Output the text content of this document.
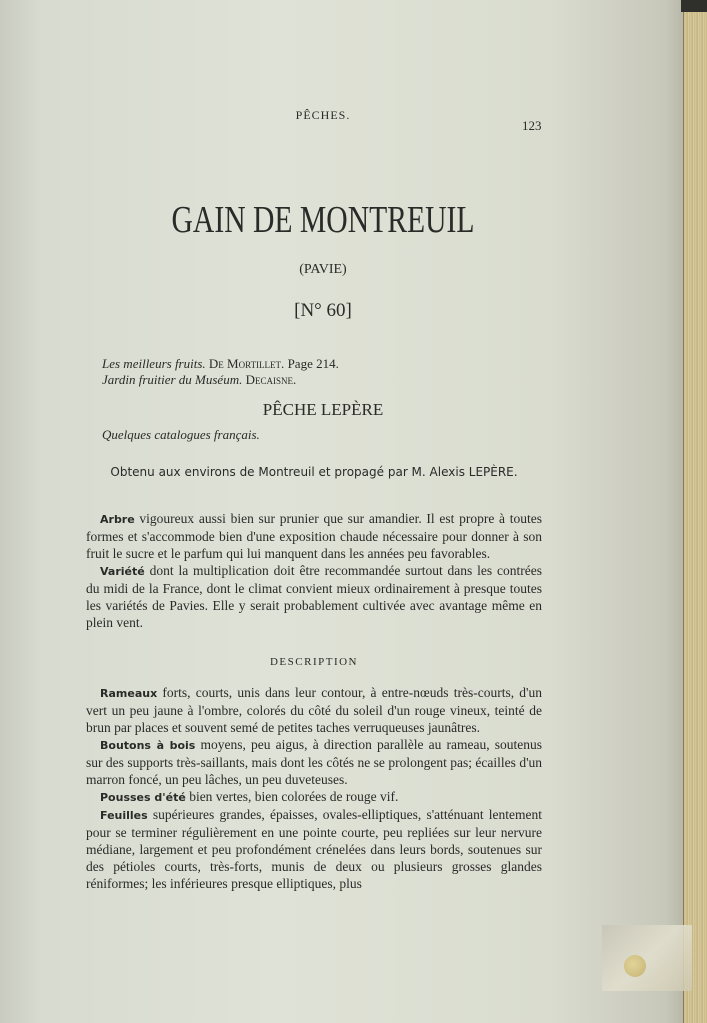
PÊCHES.
123
GAIN DE MONTREUIL
(PAVIE)
[N° 60]
Les meilleurs fruits. De Mortillet. Page 214.
Jardin fruitier du Muséum. Decaisne.
PÊCHE LEPÈRE
Quelques catalogues français.
Obtenu aux environs de Montreuil et propagé par M. Alexis LEPÈRE.

Arbre vigoureux aussi bien sur prunier que sur amandier. Il est propre à toutes formes et s'accommode bien d'une exposition chaude nécessaire pour donner à son fruit le sucre et le parfum qui lui manquent dans les années peu favorables.

Variété dont la multiplication doit être recommandée surtout dans les contrées du midi de la France, dont le climat convient mieux ordinairement à presque toutes les variétés de Pavies. Elle y serait probablement cultivée avec avantage même en plein vent.

DESCRIPTION

Rameaux forts, courts, unis dans leur contour, à entre-nœuds très-courts, d'un vert un peu jaune à l'ombre, colorés du côté du soleil d'un rouge vineux, teinté de brun par places et souvent semé de petites taches verruqueuses jaunâtres.

Boutons à bois moyens, peu aigus, à direction parallèle au rameau, soutenus sur des supports très-saillants, mais dont les côtés ne se prolongent pas; écailles d'un marron foncé, un peu lâches, un peu duveteuses.

Pousses d'été bien vertes, bien colorées de rouge vif.

Feuilles supérieures grandes, épaisses, ovales-elliptiques, s'atténuant lentement pour se terminer régulièrement en une pointe courte, peu repliées sur leur nervure médiane, largement et peu profondément crénelées dans leurs bords, soutenues sur des pétioles courts, très-forts, munis de deux ou plusieurs grosses glandes réniformes; les inférieures presque elliptiques, plus
